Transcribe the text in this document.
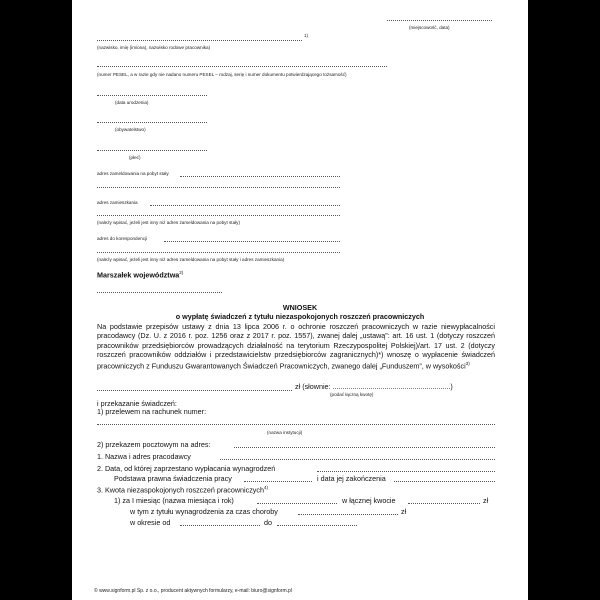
(miejscowość, data)
1)
(nazwisko, imię (imiona), nazwisko rodowe pracownika)
(numer PESEL, a w razie gdy nie nadano numeru PESEL – rodzaj, serię i numer dokumentu potwierdzającego tożsamość)
(data urodzenia)
(obywatelstwo)
(płeć)
adres zameldowania na pobyt stały
adres zamieszkania
(należy wpisać, jeżeli jest inny niż adres zameldowania na pobyt stały)
adres do korespondencji
(należy wpisać, jeżeli jest inny niż adres zameldowania na pobyt stały i adres zamieszkania)
Marszałek województwa$^{2)}$
WNIOSEK
o wypłatę świadczeń z tytułu niezaspokojonych roszczeń pracowniczych
Na podstawie przepisów ustawy z dnia 13 lipca 2006 r. o ochronie roszczeń pracowniczych w razie niewypłacalności pracodawcy (Dz. U. z 2016 r. poz. 1256 oraz z 2017 r. poz. 1557), zwanej dalej „ustawą”: art. 16 ust. 1 (dotyczy roszczeń pracowników przedsiębiorców prowadzących działalność na terytorium Rzeczypospolitej Polskiej)/art. 17 ust. 2 (dotyczy roszczeń pracowników oddziałów i przedstawicielstw przedsiębiorców zagranicznych)*) wnoszę o wypłacenie świadczeń pracowniczych z Funduszu Gwarantowanych Świadczeń Pracowniczych, zwanego dalej „Funduszem”, w wysokości$^{3)}$
zł (słownie: ...........................................................)
(podać łączną kwotę)
i przekazanie świadczeń:
1) przelewem na rachunek numer:
(nazwa instytucji)
2) przekazem pocztowym na adres:
1. Nazwa i adres pracodawcy
2. Data, od której zaprzestano wypłacania wynagrodzeń
Podstawa prawna świadczenia pracy	i data jej zakończenia
3. Kwota niezaspokojonych roszczeń pracowniczych$^{4)}$
1) za I miesiąc (nazwa miesiąca i rok)	w łącznej kwocie	zł
w tym z tytułu wynagrodzenia za czas choroby	zł
w okresie od	do
© www.signform.pl Sp. z o.o., producent aktywnych formularzy, e-mail: biuro@signform.pl
